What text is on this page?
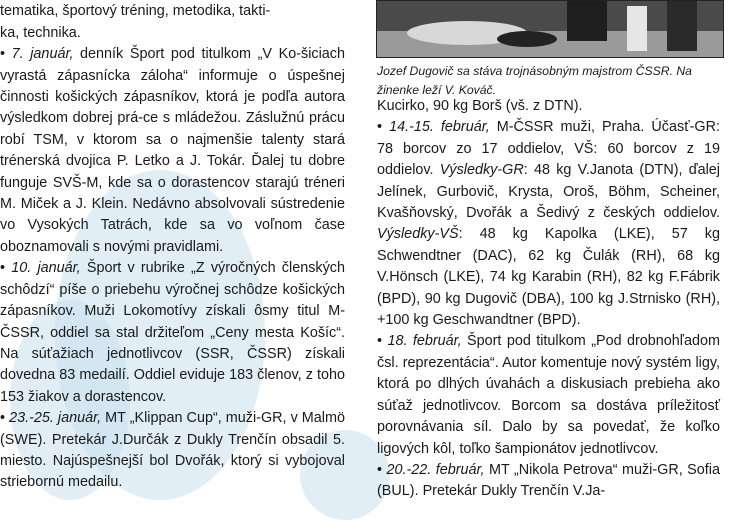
Jozef Dugovič sa stáva trojnásobným majstrom ČSSR. Na žinenke leží V. Kováč.

tematika, športový tréning, metodika, takti-

ka, technika.

• 7. január, denník Šport pod titulkom „V Ko-šiciach vyrastá zápasnícka záloha“ informuje o úspešnej činnosti košických zápasníkov, ktorá je podľa autora výsledkom dobrej prá-ce s mládežou. Záslužnú prácu robí TSM, v ktorom sa o najmenšie talenty stará trénerská dvojica P. Letko a J. Tokár. Ďalej tu dobre funguje SVŠ-M, kde sa o dorastencov starajú tréneri M. Miček a J. Klein. Nedávno absolvovali sústredenie vo Vysokých Tatrách, kde sa vo voľnom čase oboznamovali s novými pravidlami.

• 10. január, Šport v rubrike „Z výročných členských schôdzí“ píše o priebehu výročnej schôdze košických zápasníkov. Muži Lokomotívy získali ôsmy titul M-ČSSR, oddiel sa stal držiteľom „Ceny mesta Košíc“. Na súťažiach jednotlivcov (SSR, ČSSR) získali dovedna 83 medailí. Oddiel eviduje 183 členov, z toho 153 žiakov a dorastencov.

• 23.-25. január, MT „Klippan Cup“, muži-GR, v Malmö (SWE). Pretekár J.Durčák z Dukly Trenčín obsadil 5. miesto. Najúspešnejší bol Dvořák, ktorý si vybojoval striebornú medailu.

Kucirko, 90 kg Borš (vš. z DTN).

• 14.-15. február, M-ČSSR muži, Praha. Účasť-GR: 78 borcov zo 17 oddielov, VŠ: 60 borcov z 19 oddielov. Výsledky-GR: 48 kg V.Janota (DTN), ďalej Jelínek, Gurbovič, Krysta, Oroš, Böhm, Scheiner, Kvašňovský, Dvořák a Šedivý z českých oddielov. Výsledky-VŠ: 48 kg Kapolka (LKE), 57 kg Schwendtner (DAC), 62 kg Čulák (RH), 68 kg V.Hönsch (LKE), 74 kg Karabin (RH), 82 kg F.Fábrik (BPD), 90 kg Dugovič (DBA), 100 kg J.Strnisko (RH), +100 kg Geschwandtner (BPD).

• 18. február, Šport pod titulkom „Pod drobnohľadom čsl. reprezentácia“. Autor komentuje nový systém ligy, ktorá po dlhých úvahách a diskusiach prebieha ako súťaž jednotlivcov. Borcom sa dostáva príležitosť porovnávania síl. Dalo by sa povedať, že koľko ligových kôl, toľko šampionátov jednotlivcov.

• 20.-22. február, MT „Nikola Petrova“ muži-GR, Sofia (BUL). Pretekár Dukly Trenčín V.Ja-
